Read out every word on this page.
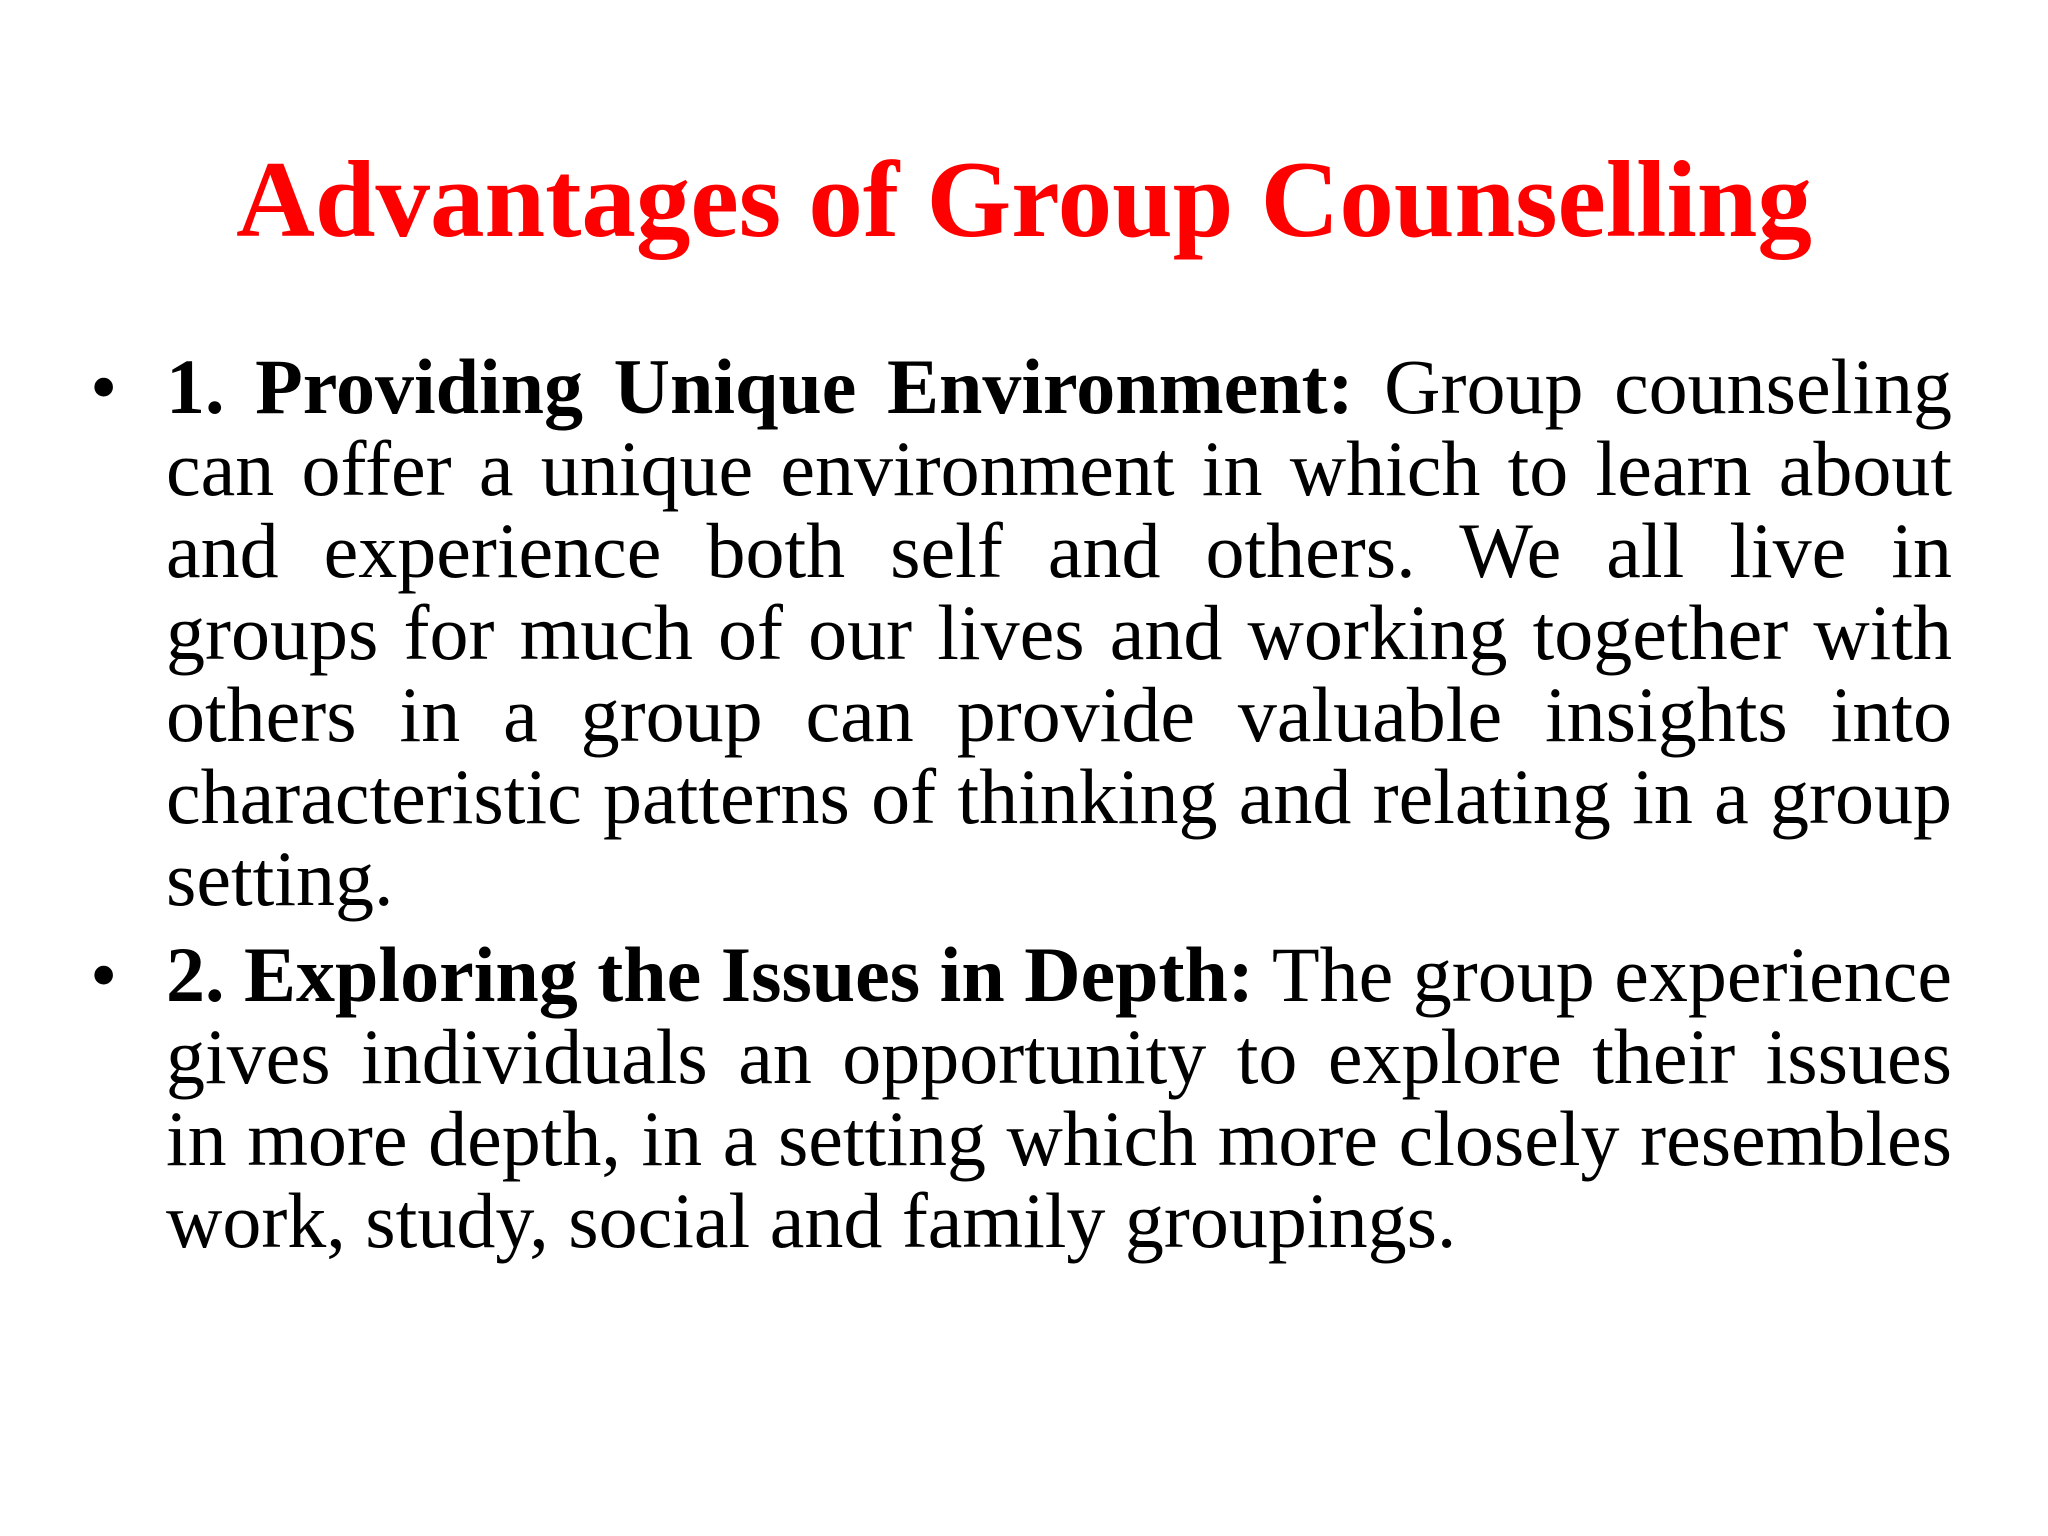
Advantages of Group Counselling
• 1. Providing Unique Environment: Group counseling can offer a unique environment in which to learn about and experience both self and others. We all live in groups for much of our lives and working together with others in a group can provide valuable insights into characteristic patterns of thinking and relating in a group setting.
• 2. Exploring the Issues in Depth: The group experience gives individuals an opportunity to explore their issues in more depth, in a setting which more closely resembles work, study, social and family groupings.
